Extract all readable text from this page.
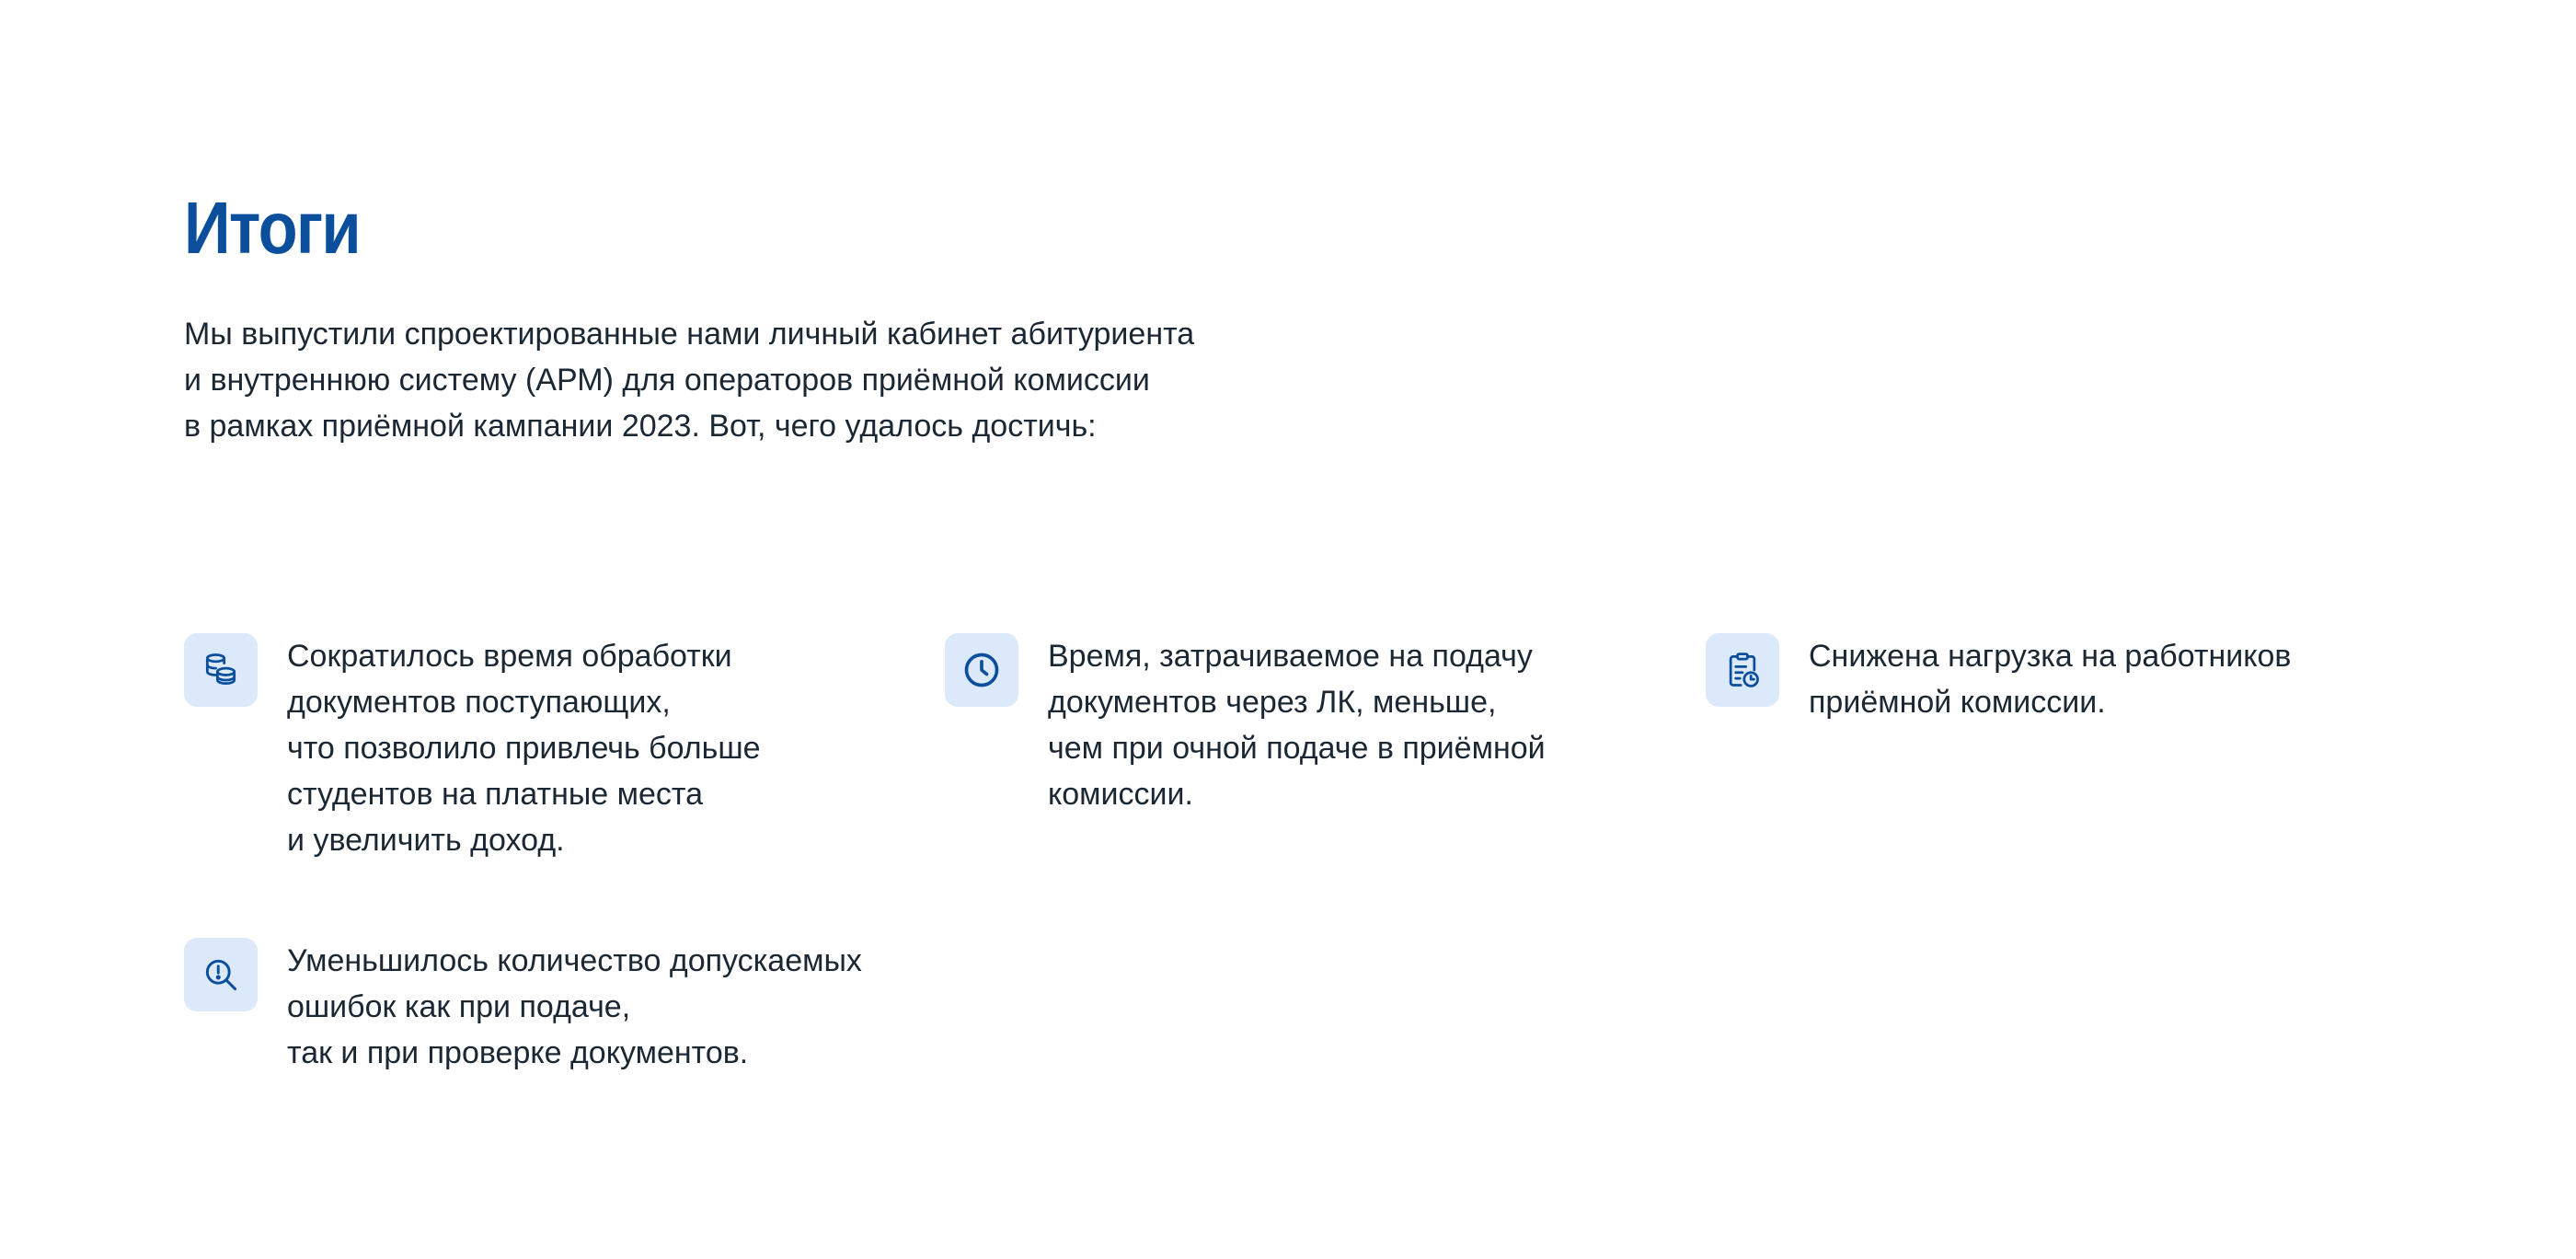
Итоги

Мы выпустили спроектированные нами личный кабинет абитуриента
и внутреннюю систему (АРМ) для операторов приёмной комиссии
в рамках приёмной кампании 2023. Вот, чего удалось достичь:

Сократилось время обработки
документов поступающих,
что позволило привлечь больше
студентов на платные места
и увеличить доход.
Время, затрачиваемое на подачу
документов через ЛК, меньше,
чем при очной подаче в приёмной
комиссии.
Снижена нагрузка на работников
приёмной комиссии.
Уменьшилось количество допускаемых
ошибок как при подаче,
так и при проверке документов.
